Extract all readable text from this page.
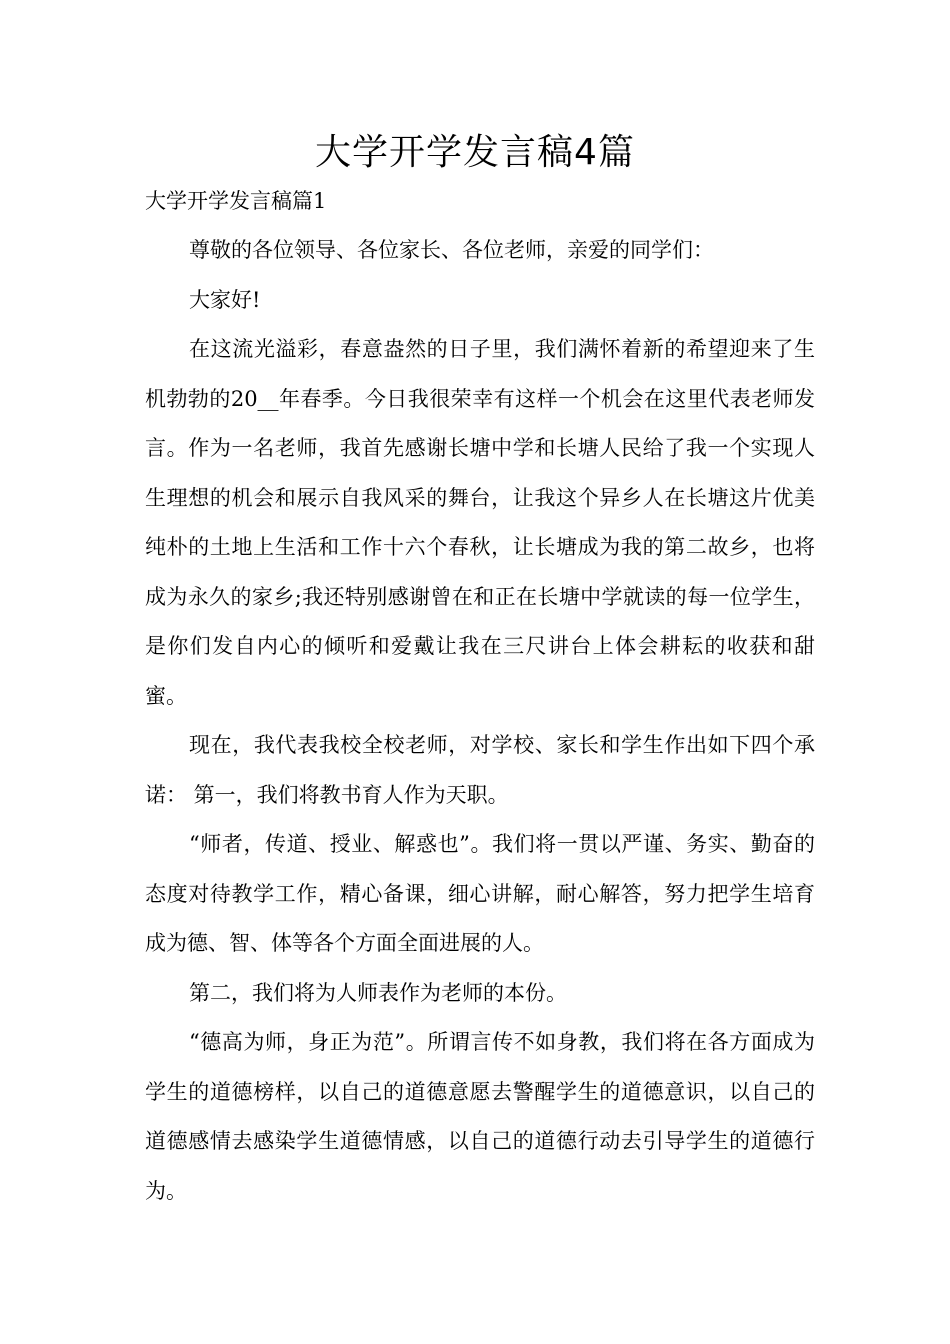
大学开学发言稿4篇
大学开学发言稿篇1

尊敬的各位领导、各位家长、各位老师，亲爱的同学们：

大家好!

在这流光溢彩，春意盎然的日子里，我们满怀着新的希望迎来了生机勃勃的20__年春季。今日我很荣幸有这样一个机会在这里代表老师发言。作为一名老师，我首先感谢长塘中学和长塘人民给了我一个实现人生理想的机会和展示自我风采的舞台，让我这个异乡人在长塘这片优美纯朴的土地上生活和工作十六个春秋，让长塘成为我的第二故乡，也将成为永久的家乡;我还特别感谢曾在和正在长塘中学就读的每一位学生，是你们发自内心的倾听和爱戴让我在三尺讲台上体会耕耘的收获和甜蜜。

现在，我代表我校全校老师，对学校、家长和学生作出如下四个承诺： 第一，我们将教书育人作为天职。

“师者，传道、授业、解惑也”。我们将一贯以严谨、务实、勤奋的态度对待教学工作，精心备课，细心讲解，耐心解答，努力把学生培育成为德、智、体等各个方面全面进展的人。

第二，我们将为人师表作为老师的本份。

“德高为师，身正为范”。所谓言传不如身教，我们将在各方面成为学生的道德榜样，以自己的道德意愿去警醒学生的道德意识，以自己的道德感情去感染学生道德情感，以自己的道德行动去引导学生的道德行为。
